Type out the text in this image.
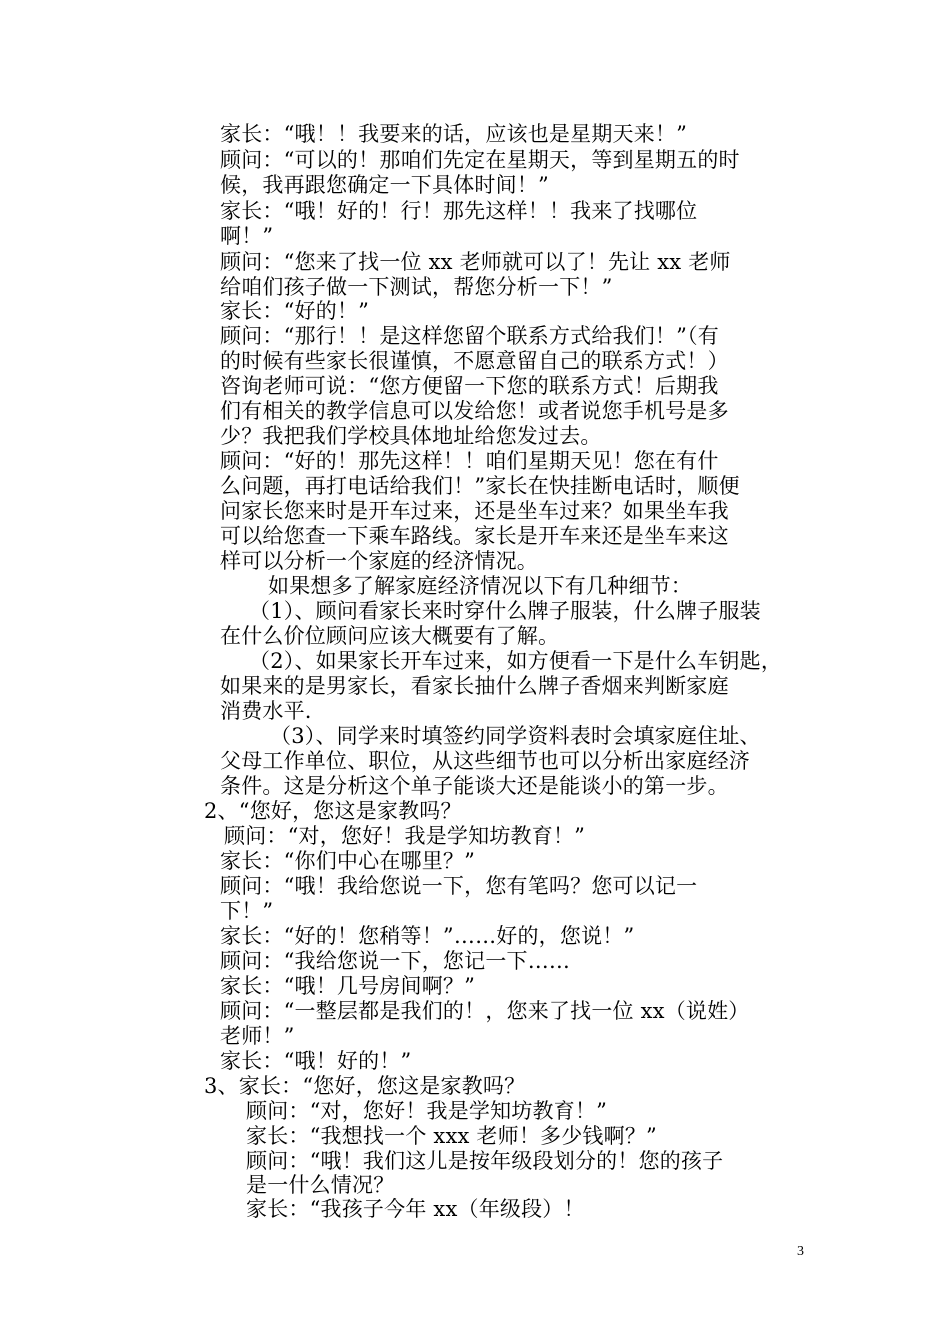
家长：“哦！！我要来的话，应该也是星期天来！”
顾问：“可以的！那咱们先定在星期天，等到星期五的时
候，我再跟您确定一下具体时间！”
家长：“哦！好的！行！那先这样！！我来了找哪位
啊！”
顾问：“您来了找一位 xx 老师就可以了！先让 xx 老师
给咱们孩子做一下测试，帮您分析一下！”
家长：“好的！”
顾问：“那行！！是这样您留个联系方式给我们！”（有
的时候有些家长很谨慎，不愿意留自己的联系方式！）
咨询老师可说：“您方便留一下您的联系方式！后期我
们有相关的教学信息可以发给您！或者说您手机号是多
少？我把我们学校具体地址给您发过去。
顾问：“好的！那先这样！！咱们星期天见！您在有什
么问题，再打电话给我们！”家长在快挂断电话时，顺便
问家长您来时是开车过来，还是坐车过来？如果坐车我
可以给您查一下乘车路线。家长是开车来还是坐车来这
样可以分析一个家庭的经济情况。
如果想多了解家庭经济情况以下有几种细节：
（1）、顾问看家长来时穿什么牌子服装，什么牌子服装
在什么价位顾问应该大概要有了解。
（2）、如果家长开车过来，如方便看一下是什么车钥匙，
如果来的是男家长，看家长抽什么牌子香烟来判断家庭
消费水平.
（3）、同学来时填签约同学资料表时会填家庭住址、
父母工作单位、职位，从这些细节也可以分析出家庭经济
条件。这是分析这个单子能谈大还是能谈小的第一步。
2、“您好，您这是家教吗？
顾问：“对，您好！我是学知坊教育！”
家长：“你们中心在哪里？”
顾问：“哦！我给您说一下，您有笔吗？您可以记一
下！”
家长：“好的！您稍等！”……好的，您说！”
顾问：“我给您说一下，您记一下……
家长：“哦！几号房间啊？”
顾问：“一整层都是我们的！，您来了找一位 xx（说姓）
老师！”
家长：“哦！好的！”
3、家长：“您好，您这是家教吗？
顾问：“对，您好！我是学知坊教育！”
家长：“我想找一个 xxx 老师！多少钱啊？”
顾问：“哦！我们这儿是按年级段划分的！您的孩子
是一什么情况？
家长：“我孩子今年 xx（年级段）！
3
